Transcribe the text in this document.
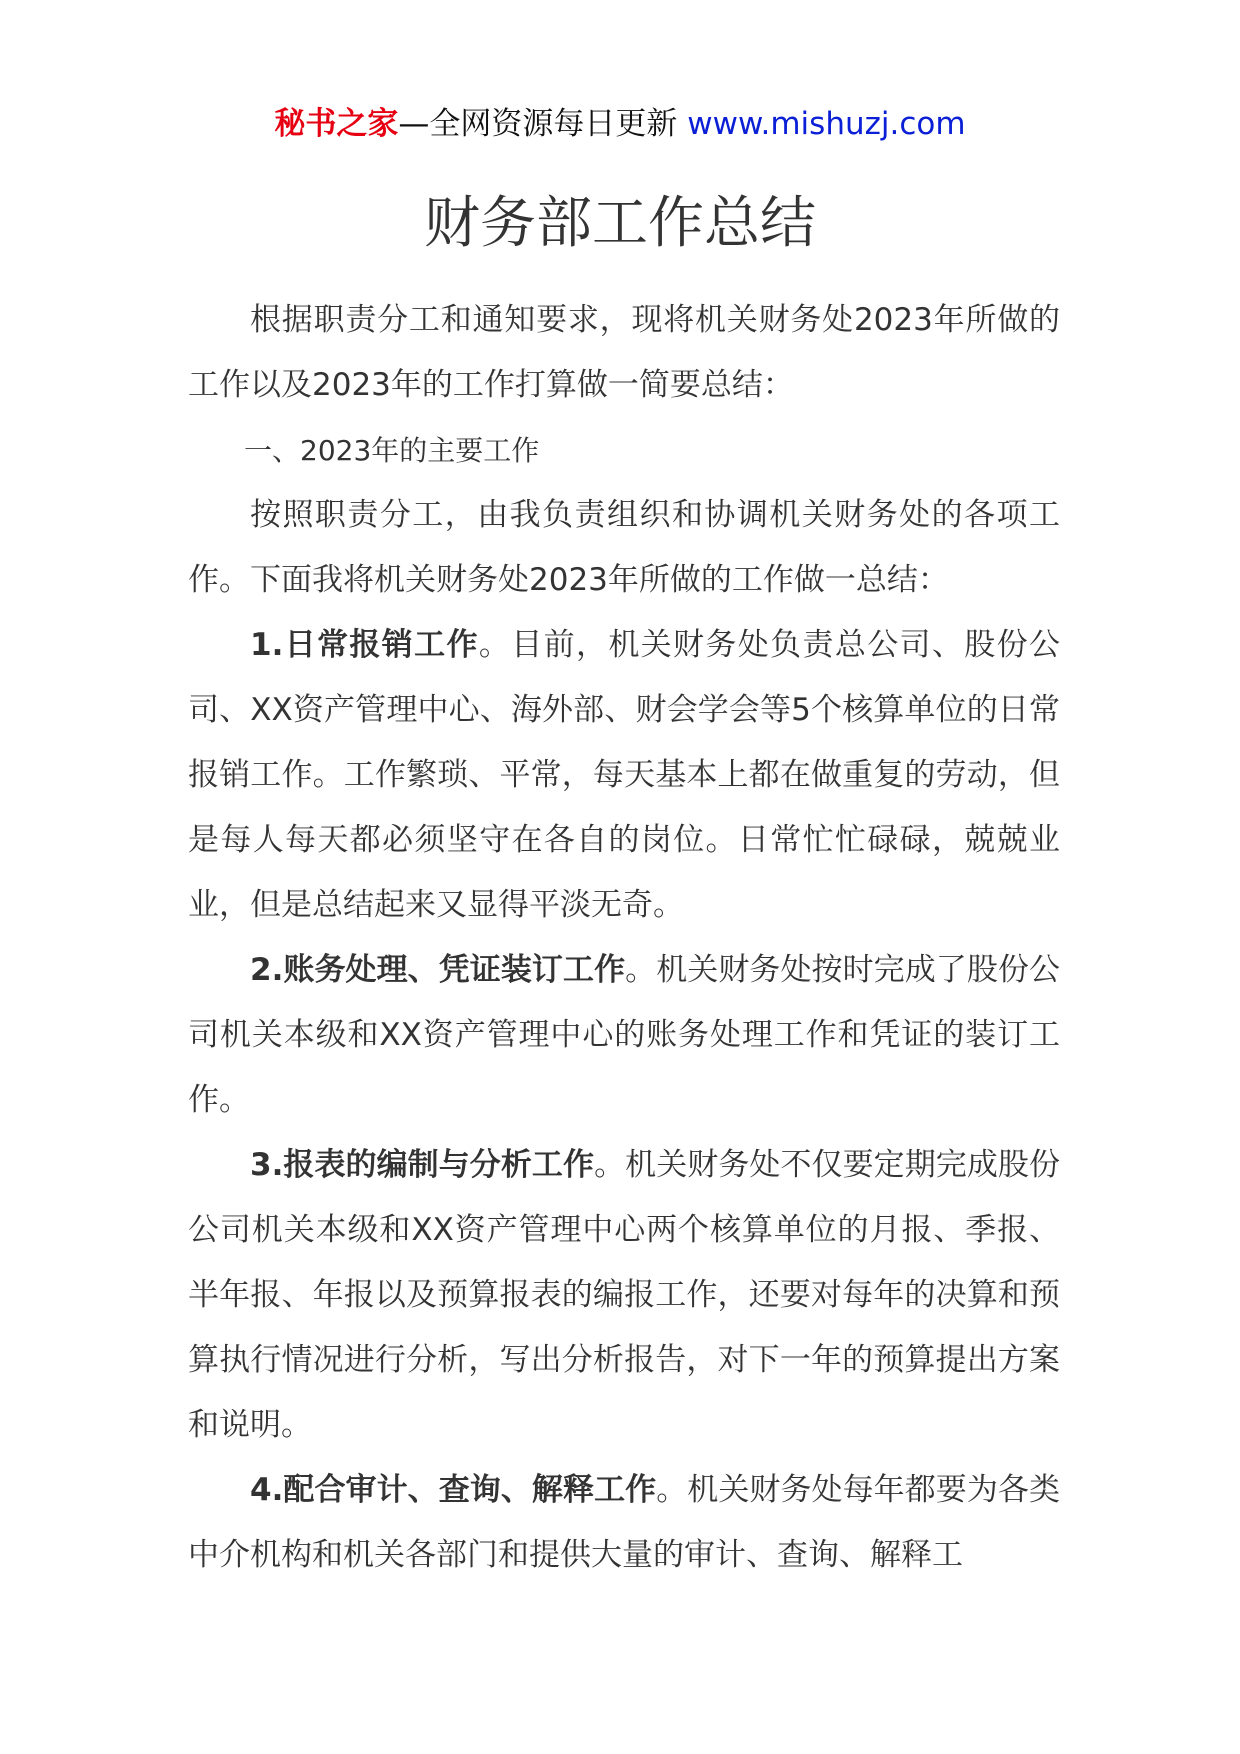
秘书之家—全网资源每日更新 www.mishuzj.com
财务部工作总结

根据职责分工和通知要求，现将机关财务处2023年所做的工作以及2023年的工作打算做一简要总结：

一、2023年的主要工作

按照职责分工，由我负责组织和协调机关财务处的各项工作。下面我将机关财务处2023年所做的工作做一总结：

1.日常报销工作。目前，机关财务处负责总公司、股份公司、XX资产管理中心、海外部、财会学会等5个核算单位的日常报销工作。工作繁琐、平常，每天基本上都在做重复的劳动，但是每人每天都必须坚守在各自的岗位。日常忙忙碌碌，兢兢业业，但是总结起来又显得平淡无奇。

2.账务处理、凭证装订工作。机关财务处按时完成了股份公司机关本级和XX资产管理中心的账务处理工作和凭证的装订工作。

3.报表的编制与分析工作。机关财务处不仅要定期完成股份公司机关本级和XX资产管理中心两个核算单位的月报、季报、半年报、年报以及预算报表的编报工作，还要对每年的决算和预算执行情况进行分析，写出分析报告，对下一年的预算提出方案和说明。

4.配合审计、查询、解释工作。机关财务处每年都要为各类中介机构和机关各部门和提供大量的审计、查询、解释工
